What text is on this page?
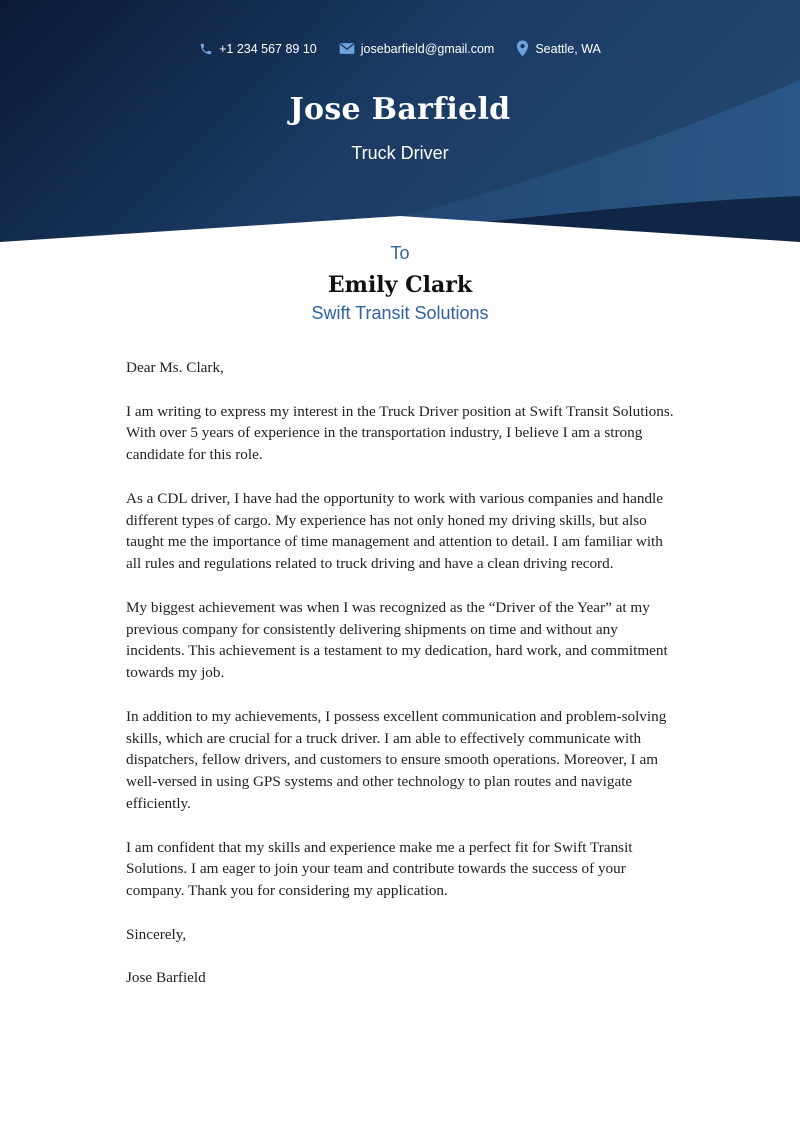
+1 234 567 89 10	josebarfield@gmail.com	Seattle, WA
Jose Barfield
Truck Driver
To
Emily Clark
Swift Transit Solutions

Dear Ms. Clark,

I am writing to express my interest in the Truck Driver position at Swift Transit Solutions. With over 5 years of experience in the transportation industry, I believe I am a strong candidate for this role.

As a CDL driver, I have had the opportunity to work with various companies and handle different types of cargo. My experience has not only honed my driving skills, but also taught me the importance of time management and attention to detail. I am familiar with all rules and regulations related to truck driving and have a clean driving record.

My biggest achievement was when I was recognized as the “Driver of the Year” at my previous company for consistently delivering shipments on time and without any incidents. This achievement is a testament to my dedication, hard work, and commitment towards my job.

In addition to my achievements, I possess excellent communication and problem-solving skills, which are crucial for a truck driver. I am able to effectively communicate with dispatchers, fellow drivers, and customers to ensure smooth operations. Moreover, I am well-versed in using GPS systems and other technology to plan routes and navigate efficiently.

I am confident that my skills and experience make me a perfect fit for Swift Transit Solutions. I am eager to join your team and contribute towards the success of your company. Thank you for considering my application.

Sincerely,

Jose Barfield
